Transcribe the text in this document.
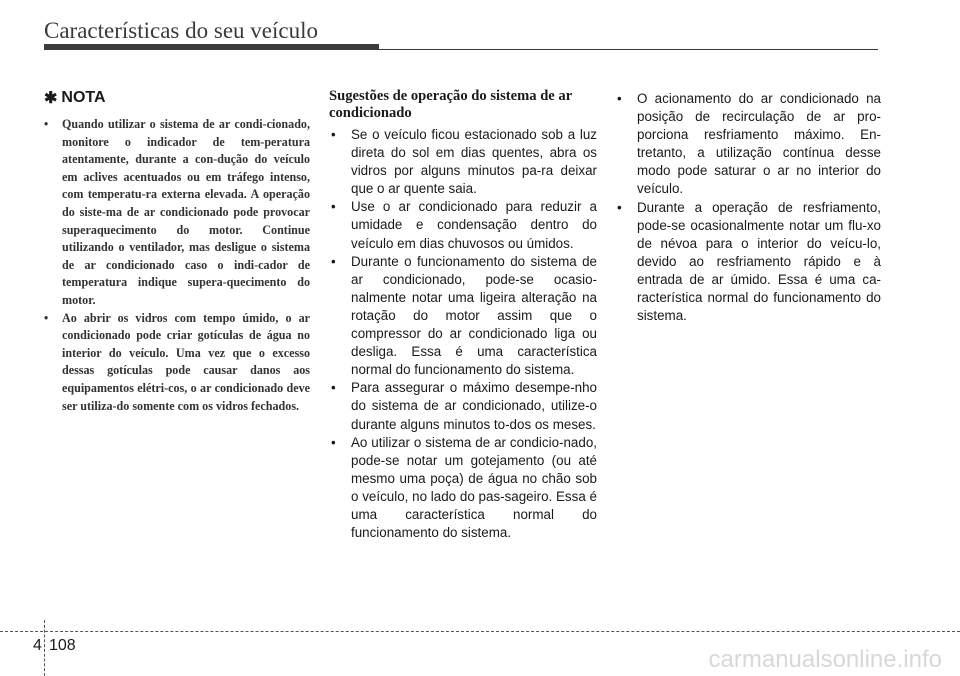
Características do seu veículo
✱ NOTA
• Quando utilizar o sistema de ar condi-cionado, monitore o indicador de tem-peratura atentamente, durante a con-dução do veículo em aclives acentuados ou em tráfego intenso, com temperatu-ra externa elevada. A operação do siste-ma de ar condicionado pode provocar superaquecimento do motor. Continue utilizando o ventilador, mas desligue o sistema de ar condicionado caso o indi-cador de temperatura indique supera-quecimento do motor.
• Ao abrir os vidros com tempo úmido, o ar condicionado pode criar gotículas de água no interior do veículo. Uma vez que o excesso dessas gotículas pode causar danos aos equipamentos elétri-cos, o ar condicionado deve ser utiliza-do somente com os vidros fechados.
Sugestões de operação do sistema de ar condicionado
• Se o veículo ficou estacionado sob a luz direta do sol em dias quentes, abra os vidros por alguns minutos pa-ra deixar que o ar quente saia.
• Use o ar condicionado para reduzir a umidade e condensação dentro do veículo em dias chuvosos ou úmidos.
• Durante o funcionamento do sistema de ar condicionado, pode-se ocasio-nalmente notar uma ligeira alteração na rotação do motor assim que o compressor do ar condicionado liga ou desliga. Essa é uma característica normal do funcionamento do sistema.
• Para assegurar o máximo desempe-nho do sistema de ar condicionado, utilize-o durante alguns minutos to-dos os meses.
• Ao utilizar o sistema de ar condicio-nado, pode-se notar um gotejamento (ou até mesmo uma poça) de água no chão sob o veículo, no lado do pas-sageiro. Essa é uma característica normal do funcionamento do sistema.
• O acionamento do ar condicionado na posição de recirculação de ar pro-porciona resfriamento máximo. En-tretanto, a utilização contínua desse modo pode saturar o ar no interior do veículo.
• Durante a operação de resfriamento, pode-se ocasionalmente notar um flu-xo de névoa para o interior do veícu-lo, devido ao resfriamento rápido e à entrada de ar úmido. Essa é uma ca-racterística normal do funcionamento do sistema.
4 108
carmanualsonline.info
